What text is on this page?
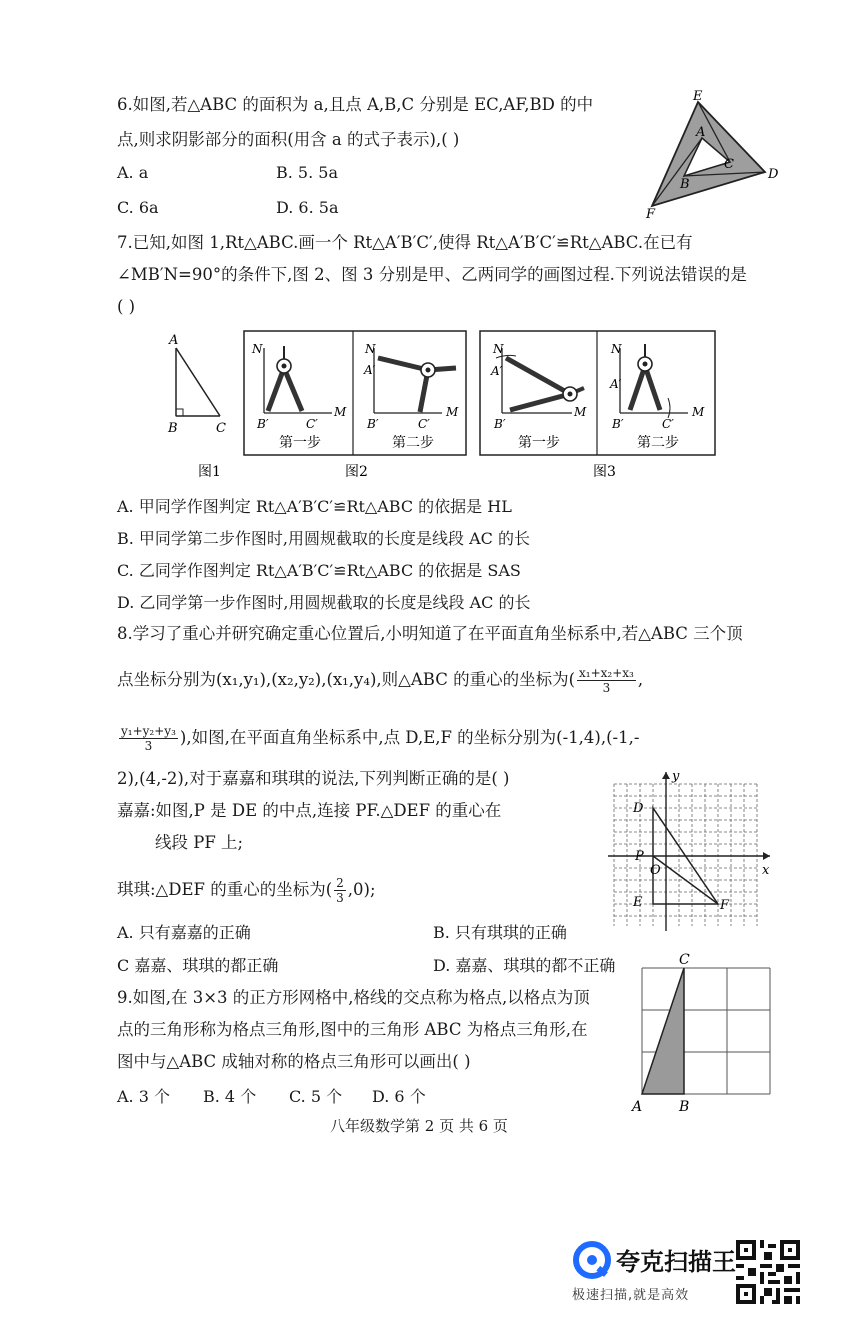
6.如图,若△ABC 的面积为 a,且点 A,B,C 分别是 EC,AF,BD 的中
点,则求阴影部分的面积(用含 a 的式子表示),( )
A. a	B. 5. 5a
C. 6a	D. 6. 5a
E
A
C
B
D
F
7.已知,如图 1,Rt△ABC.画一个 Rt△A′B′C′,使得 Rt△A′B′C′≌Rt△ABC.在已有
∠MB′N=90°的条件下,图 2、图 3 分别是甲、乙两同学的画图过程.下列说法错误的是
( )
A
B	C
图1
N
M
B′	C′
第一步
N
A′
M
B′	C′
第二步
图2
N
A′
M
B′
第一步
N
A′
M
B′	C′
第二步
图3
A. 甲同学作图判定 Rt△A′B′C′≌Rt△ABC 的依据是 HL
B. 甲同学第二步作图时,用圆规截取的长度是线段 AC 的长
C. 乙同学作图判定 Rt△A′B′C′≌Rt△ABC 的依据是 SAS
D. 乙同学第一步作图时,用圆规截取的长度是线段 AC 的长
8.学习了重心并研究确定重心位置后,小明知道了在平面直角坐标系中,若△ABC 三个顶
点坐标分别为(x₁,y₁),(x₂,y₂),(x₁,y₄),则△ABC 的重心的坐标为( $\frac{\text{x₁+x₂+x₃}}{3}$ ,
$\frac{\text{y₁+y₂+y₃}}{3}$ ),如图,在平面直角坐标系中,点 D,E,F 的坐标分别为(-1,4),(-1,-
2),(4,-2),对于嘉嘉和琪琪的说法,下列判断正确的是( )
嘉嘉:如图,P 是 DE 的中点,连接 PF.△DEF 的重心在
线段 PF 上;
琪琪:△DEF 的重心的坐标为( $\frac{2}{3} ,0$);
A. 只有嘉嘉的正确	B. 只有琪琪的正确
C 嘉嘉、琪琪的都正确	D. 嘉嘉、琪琪的都不正确
y
x
D
P
O
E	F
9.如图,在 3×3 的正方形网格中,格线的交点称为格点,以格点为顶
点的三角形称为格点三角形,图中的三角形 ABC 为格点三角形,在
图中与△ABC 成轴对称的格点三角形可以画出( )
A. 3 个 B. 4 个 C. 5 个 D. 6 个
C
A	B
八年级数学第 2 页 共 6 页
夸克扫描王
极速扫描,就是高效
